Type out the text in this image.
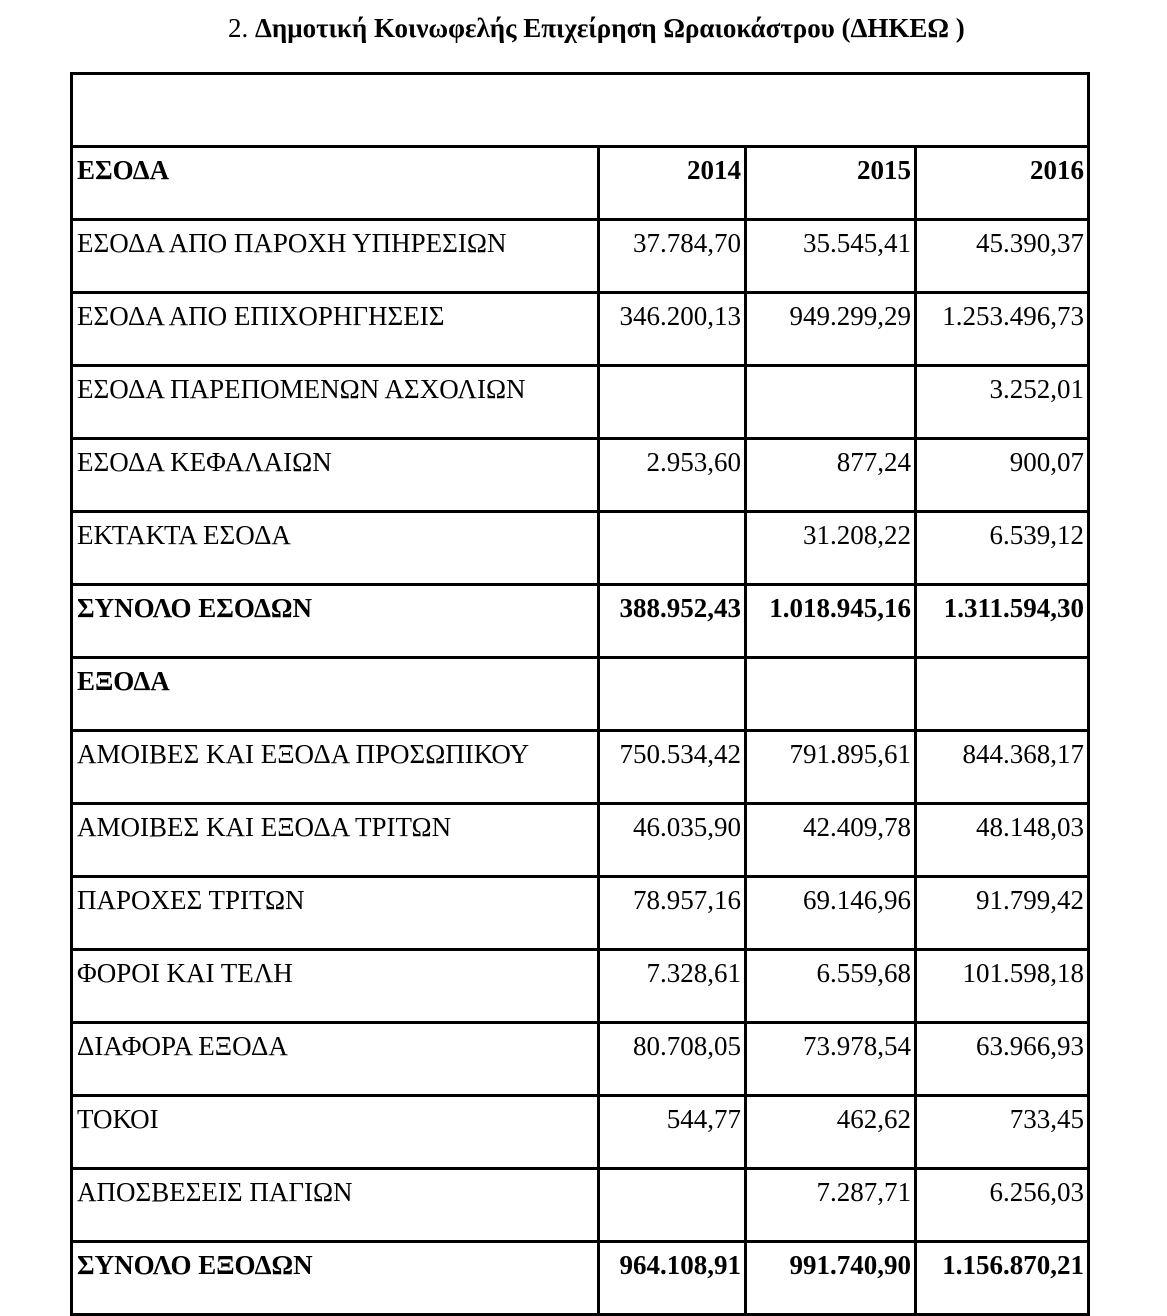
2. Δημοτική Κοινωφελής Επιχείρηση Ωραιοκάστρου (ΔΗΚΕΩ )

ΕΣΟΔΑ	2014	2015	2016
ΕΣΟΔΑ ΑΠΟ ΠΑΡΟΧΗ ΥΠΗΡΕΣΙΩΝ	37.784,70	35.545,41	45.390,37
ΕΣΟΔΑ ΑΠΟ ΕΠΙΧΟΡΗΓΗΣΕΙΣ	346.200,13	949.299,29	1.253.496,73
ΕΣΟΔΑ ΠΑΡΕΠΟΜΕΝΩΝ ΑΣΧΟΛΙΩΝ			3.252,01
ΕΣΟΔΑ ΚΕΦΑΛΑΙΩΝ	2.953,60	877,24	900,07
ΕΚΤΑΚΤΑ ΕΣΟΔΑ		31.208,22	6.539,12
ΣΥΝΟΛΟ ΕΣΟΔΩΝ	388.952,43	1.018.945,16	1.311.594,30
ΕΞΟΔΑ			
ΑΜΟΙΒΕΣ ΚΑΙ ΕΞΟΔΑ ΠΡΟΣΩΠΙΚΟΥ	750.534,42	791.895,61	844.368,17
ΑΜΟΙΒΕΣ ΚΑΙ ΕΞΟΔΑ ΤΡΙΤΩΝ	46.035,90	42.409,78	48.148,03
ΠΑΡΟΧΕΣ ΤΡΙΤΩΝ	78.957,16	69.146,96	91.799,42
ΦΟΡΟΙ ΚΑΙ ΤΕΛΗ	7.328,61	6.559,68	101.598,18
ΔΙΑΦΟΡΑ ΕΞΟΔΑ	80.708,05	73.978,54	63.966,93
ΤΟΚΟΙ	544,77	462,62	733,45
ΑΠΟΣΒΕΣΕΙΣ ΠΑΓΙΩΝ		7.287,71	6.256,03
ΣΥΝΟΛΟ ΕΞΟΔΩΝ	964.108,91	991.740,90	1.156.870,21
